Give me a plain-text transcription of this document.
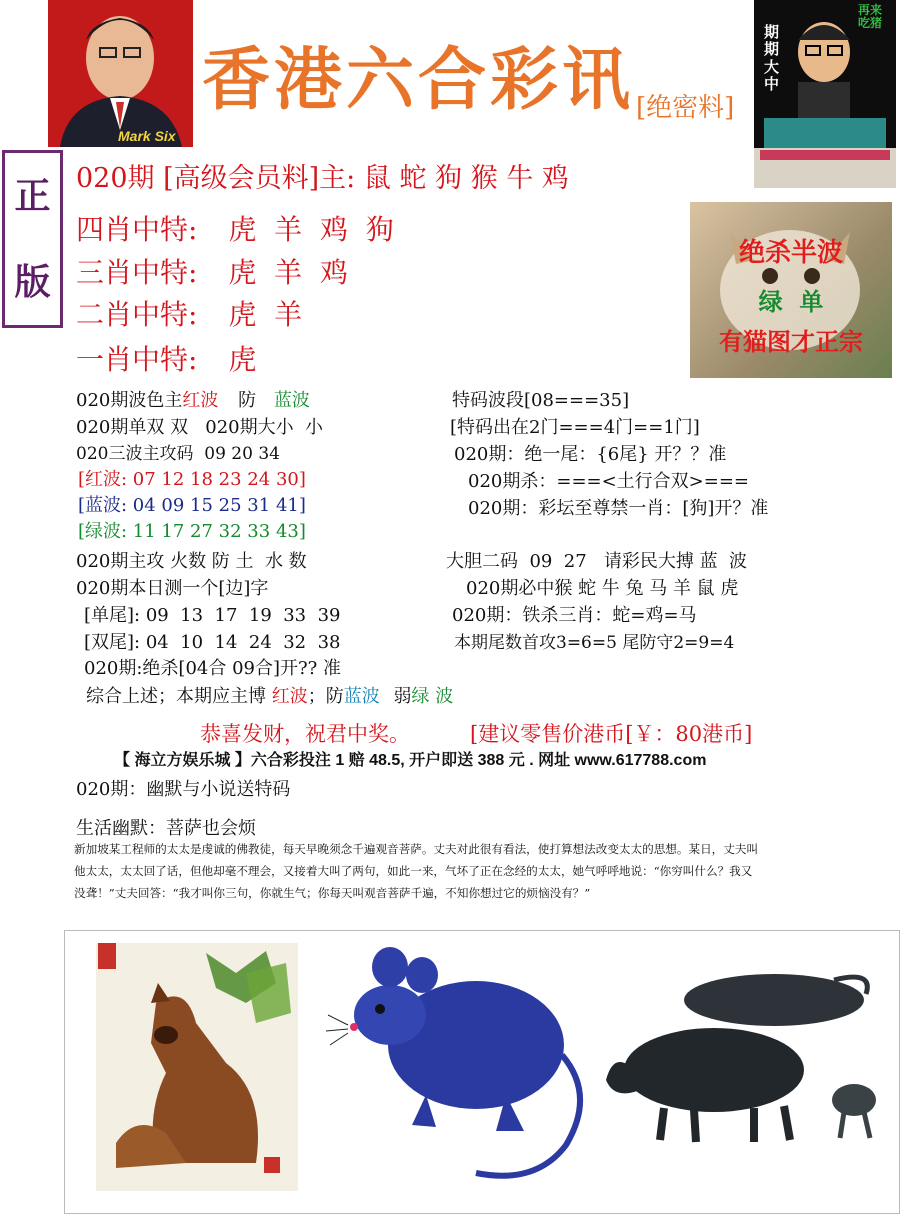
Mark Six
香港六合彩讯 [绝密料]
期期大中
再来吃猪
正
版
020期 [高级会员料]主: 鼠 蛇 狗 猴 牛 鸡
四肖中特: 虎  羊  鸡  狗
三肖中特: 虎  羊  鸡
二肖中特: 虎  羊
一肖中特: 虎
绝杀半波
绿  单
有猫图才正宗
020期波色主红波 防 蓝波
020期单双 双   020期大小  小
020三波主攻码  09 20 34
[红波: 07 12 18 23 24 30]
[蓝波: 04 09 15 25 31 41]
[绿波: 11 17 27 32 33 43]
020期主攻 火数 防 土  水 数
020期本日测一个[边]字
[单尾]: 09  13  17  19  33  39
[双尾]: 04  10  14  24  32  38
020期:绝杀[04合 09合]开?? 准
综合上述；本期应主博 红波；防蓝波 弱绿 波
特码波段[08===35]
[特码出在2门===4门==1门]
020期：绝一尾：{6尾} 开？？准
020期杀：===<土行合双>===
020期：彩坛至尊禁一肖：[狗]开？准
大胆二码  09  27   请彩民大搏 蓝  波
020期必中猴 蛇 牛 兔 马 羊 鼠 虎
020期：铁杀三肖：蛇=鸡=马
本期尾数首攻3=6=5 尾防守2=9=4
恭喜发财，祝君中奖。	[建议零售价港币[￥：80港币]
【 海立方娱乐城 】六合彩投注 1 赔 48.5, 开户即送 388 元 . 网址 www.617788.com
020期：幽默与小说送特码
生活幽默：菩萨也会烦
新加坡某工程师的太太是虔诚的佛教徒，每天早晚须念千遍观音菩萨。丈夫对此很有看法，使打算想法改变太太的思想。某日，丈夫叫
他太太，太太回了话，但他却毫不理会，又接着大叫了两句，如此一来，气坏了正在念经的太太，她气呼呼地说：“你穷叫什么？我又
没聋！”丈夫回答：“我才叫你三句，你就生气；你每天叫观音菩萨千遍，不知你想过它的烦恼没有？”
